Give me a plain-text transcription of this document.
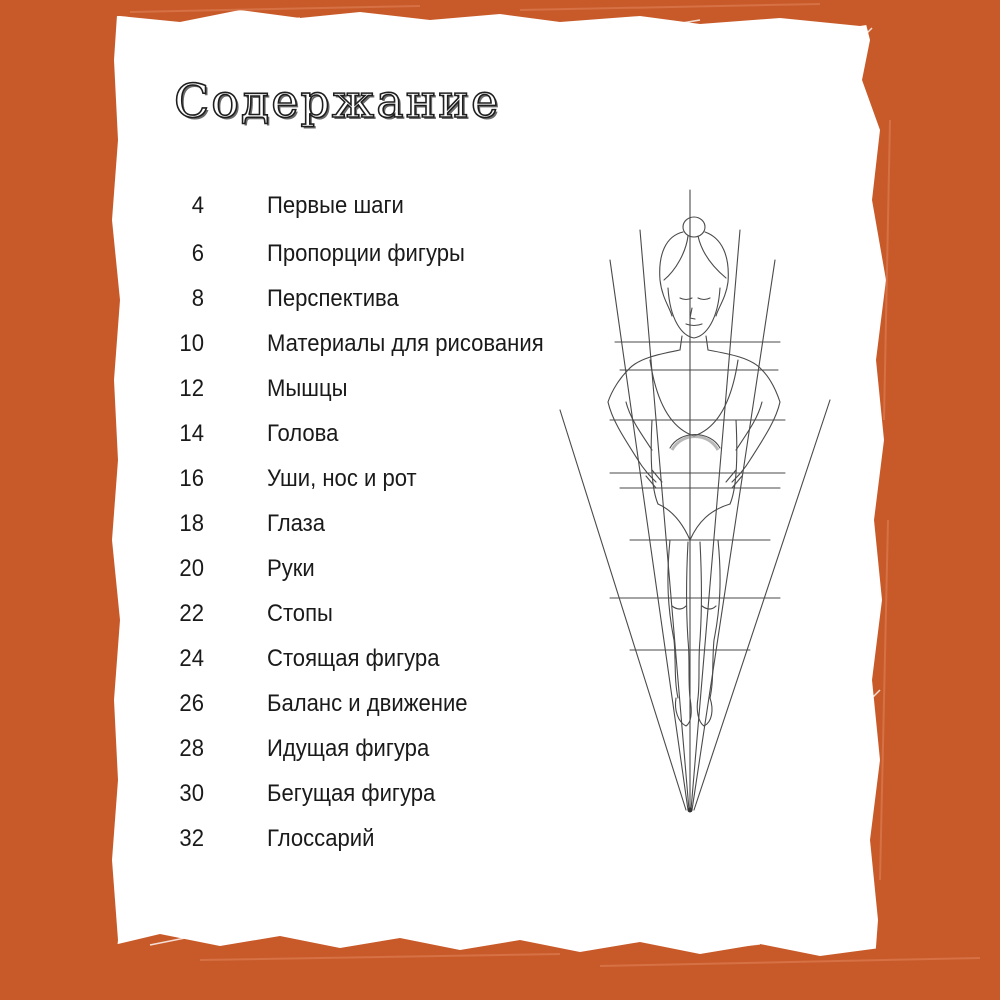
Содержание
4	Первые шаги
6	Пропорции фигуры
8	Перспектива
10	Материалы для рисования
12	Мышцы
14	Голова
16	Уши, нос и рот
18	Глаза
20	Руки
22	Стопы
24	Стоящая фигура
26	Баланс и движение
28	Идущая фигура
30	Бегущая фигура
32	Глоссарий
